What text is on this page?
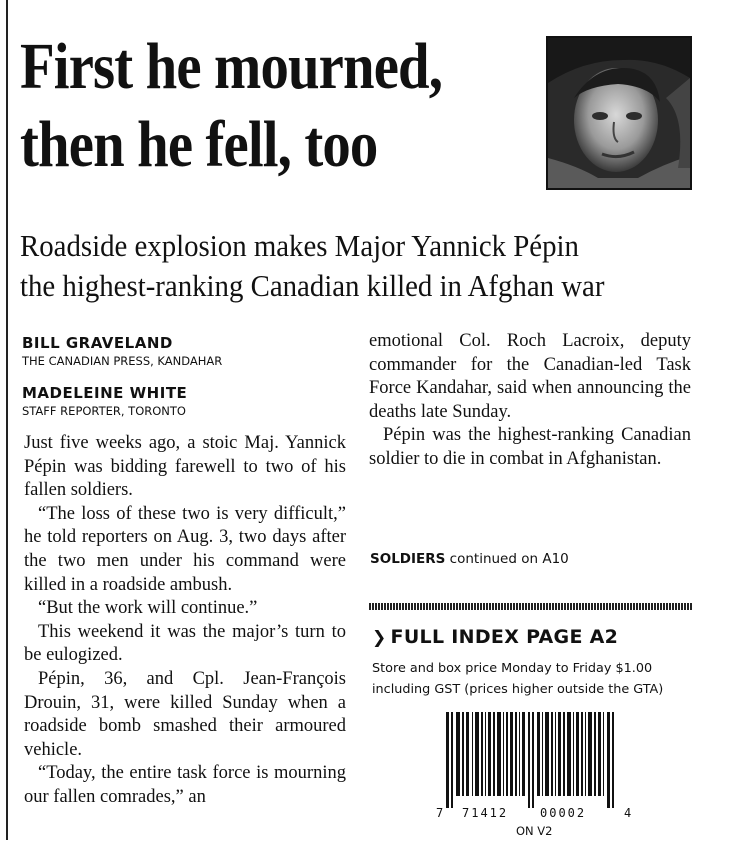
First he mourned,
then he fell, too
Roadside explosion makes Major Yannick Pépin
the highest-ranking Canadian killed in Afghan war
BILL GRAVELAND
THE CANADIAN PRESS, KANDAHAR
MADELEINE WHITE
STAFF REPORTER, TORONTO

Just five weeks ago, a stoic Maj. Yannick Pépin was bidding farewell to two of his fallen soldiers.

“The loss of these two is very difficult,” he told reporters on Aug. 3, two days after the two men under his command were killed in a roadside ambush.

“But the work will continue.”

This weekend it was the major’s turn to be eulogized.

Pépin, 36, and Cpl. Jean-François Drouin, 31, were killed Sunday when a roadside bomb smashed their armoured vehicle.

“Today, the entire task force is mourning our fallen comrades,” an

emotional Col. Roch Lacroix, deputy commander for the Canadian-led Task Force Kandahar, said when announcing the deaths late Sunday.

Pépin was the highest-ranking Canadian soldier to die in combat in Afghanistan.

SOLDIERS continued on A10
❯ FULL INDEX PAGE A2
Store and box price Monday to Friday $1.00
including GST (prices higher outside the GTA)
7 71412	00002	4
ON V2
